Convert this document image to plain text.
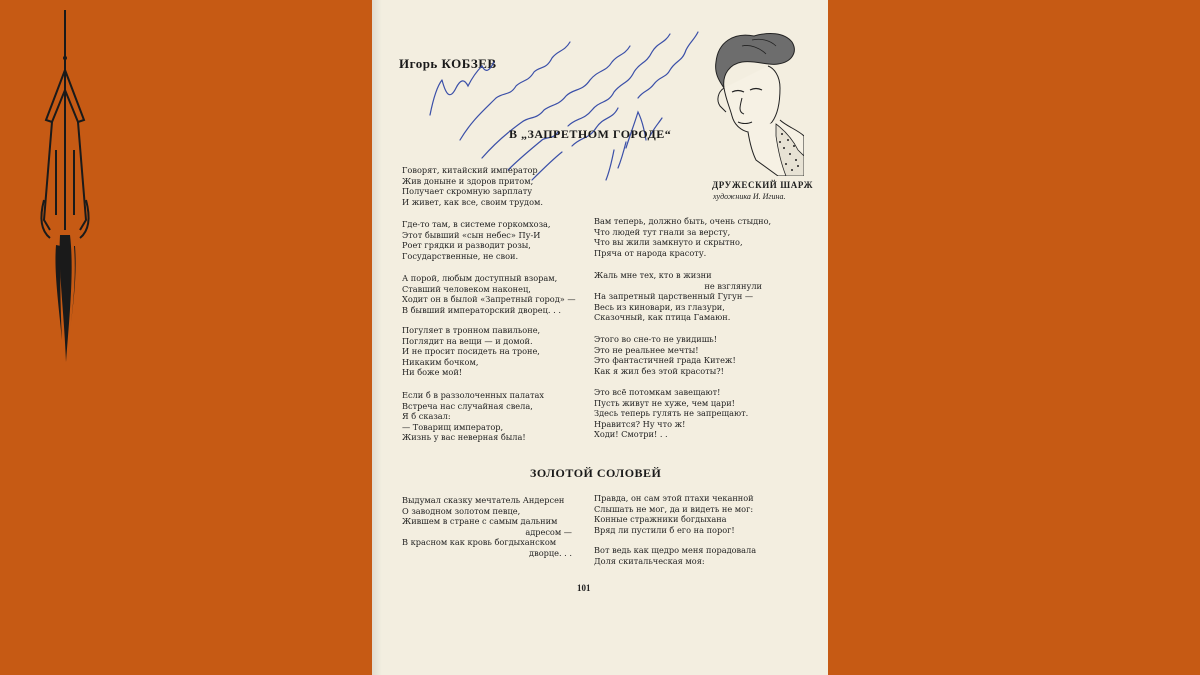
Игорь КОБЗЕВ
ДРУЖЕСКИЙ ШАРЖ
художника И. Игина.
В „ЗАПРЕТНОМ ГОРОДЕ“
Говорят, китайский император
Жив доныне и здоров притом,
Получает скромную зарплату
И живет, как все, своим трудом.
Где-то там, в системе горкомхоза,
Этот бывший «сын небес» Пу-И
Роет грядки и разводит розы,
Государственные, не свои.
А порой, любым доступный взорам,
Ставший человеком наконец,
Ходит он в былой «Запретный город» —
В бывший императорский дворец. . .
Погуляет в тронном павильоне,
Поглядит на вещи — и домой.
И не просит посидеть на троне,
Никаким бочком,
Ни боже мой!
Если б в раззолоченных палатах
Встреча нас случайная свела,
Я б сказал:
— Товарищ император,
Жизнь у вас неверная была!
Вам теперь, должно быть, очень стыдно,
Что людей тут гнали за версту,
Что вы жили замкнуто и скрытно,
Пряча от народа красоту.
Жаль мне тех, кто в жизни
не взглянули
На запретный царственный Гугун —
Весь из киновари, из глазури,
Сказочный, как птица Гамаюн.
Этого во сне-то не увидишь!
Это не реальнее мечты!
Это фантастичней града Китеж!
Как я жил без этой красоты?!
Это всё потомкам завещают!
Пусть живут не хуже, чем цари!
Здесь теперь гулять не запрещают.
Нравится? Ну что ж!
Ходи! Смотри! . .
ЗОЛОТОЙ СОЛОВЕЙ
Выдумал сказку мечтатель Андерсен
О заводном золотом певце,
Жившем в стране с самым дальним
адресом —
В красном как кровь богдыханском
дворце. . .
Правда, он сам этой птахи чеканной
Слышать не мог, да и видеть не мог:
Конные стражники богдыхана
Вряд ли пустили б его на порог!
Вот ведь как щедро меня порадовала
Доля скитальческая моя:
101
